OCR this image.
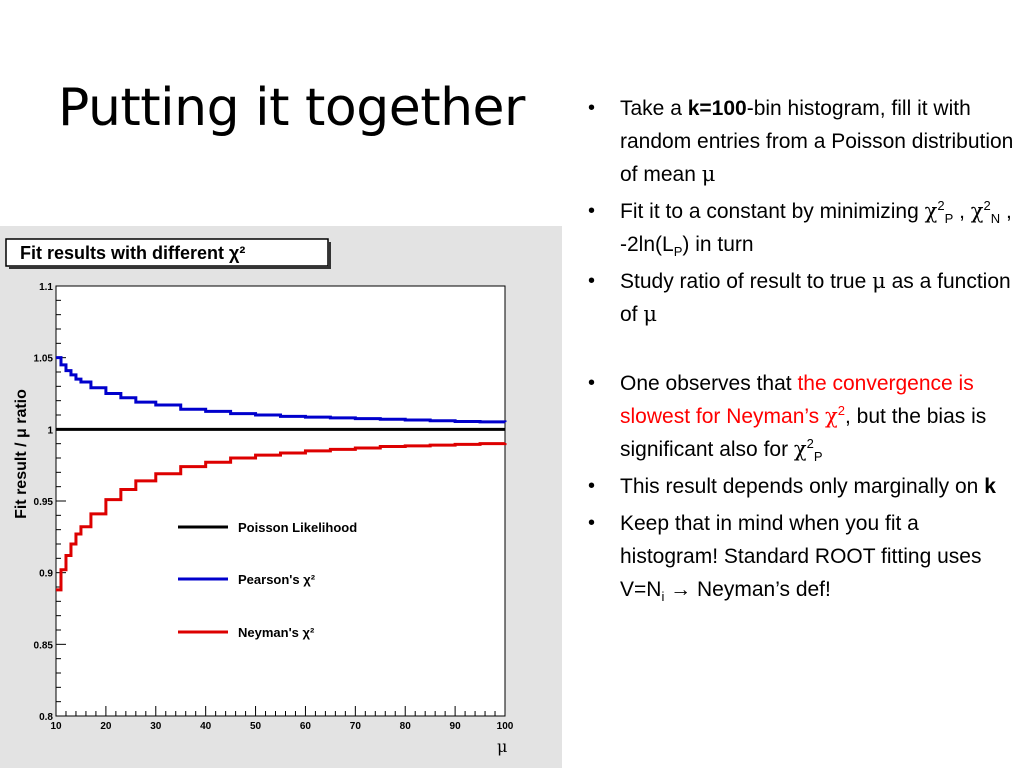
Putting it together
•	Take a k=100-bin histogram, fill it with random entries from a Poisson distribution of mean μ
• Fit it to a constant by minimizing $\chi^2_P$ , $\chi^2_N$ , $-2\ln(L_P)$ in turn
• Study ratio of result to true μ as a function of μ
• One observes that the convergence is slowest for Neyman’s $\chi^2$, but the bias is significant also for $\chi^2_P$
• This result depends only marginally on k
• Keep that in mind when you fit a histogram! Standard ROOT fitting uses $V=N_i$ → Neyman’s def!
Fit results with different χ²
Fit result / μ ratio
μ
0.8
0.85
0.9
0.95
1
1.05
1.1
10	20	30	40	50	60	70	80	90	100
Poisson Likelihood
Pearson's χ²
Neyman's χ²
